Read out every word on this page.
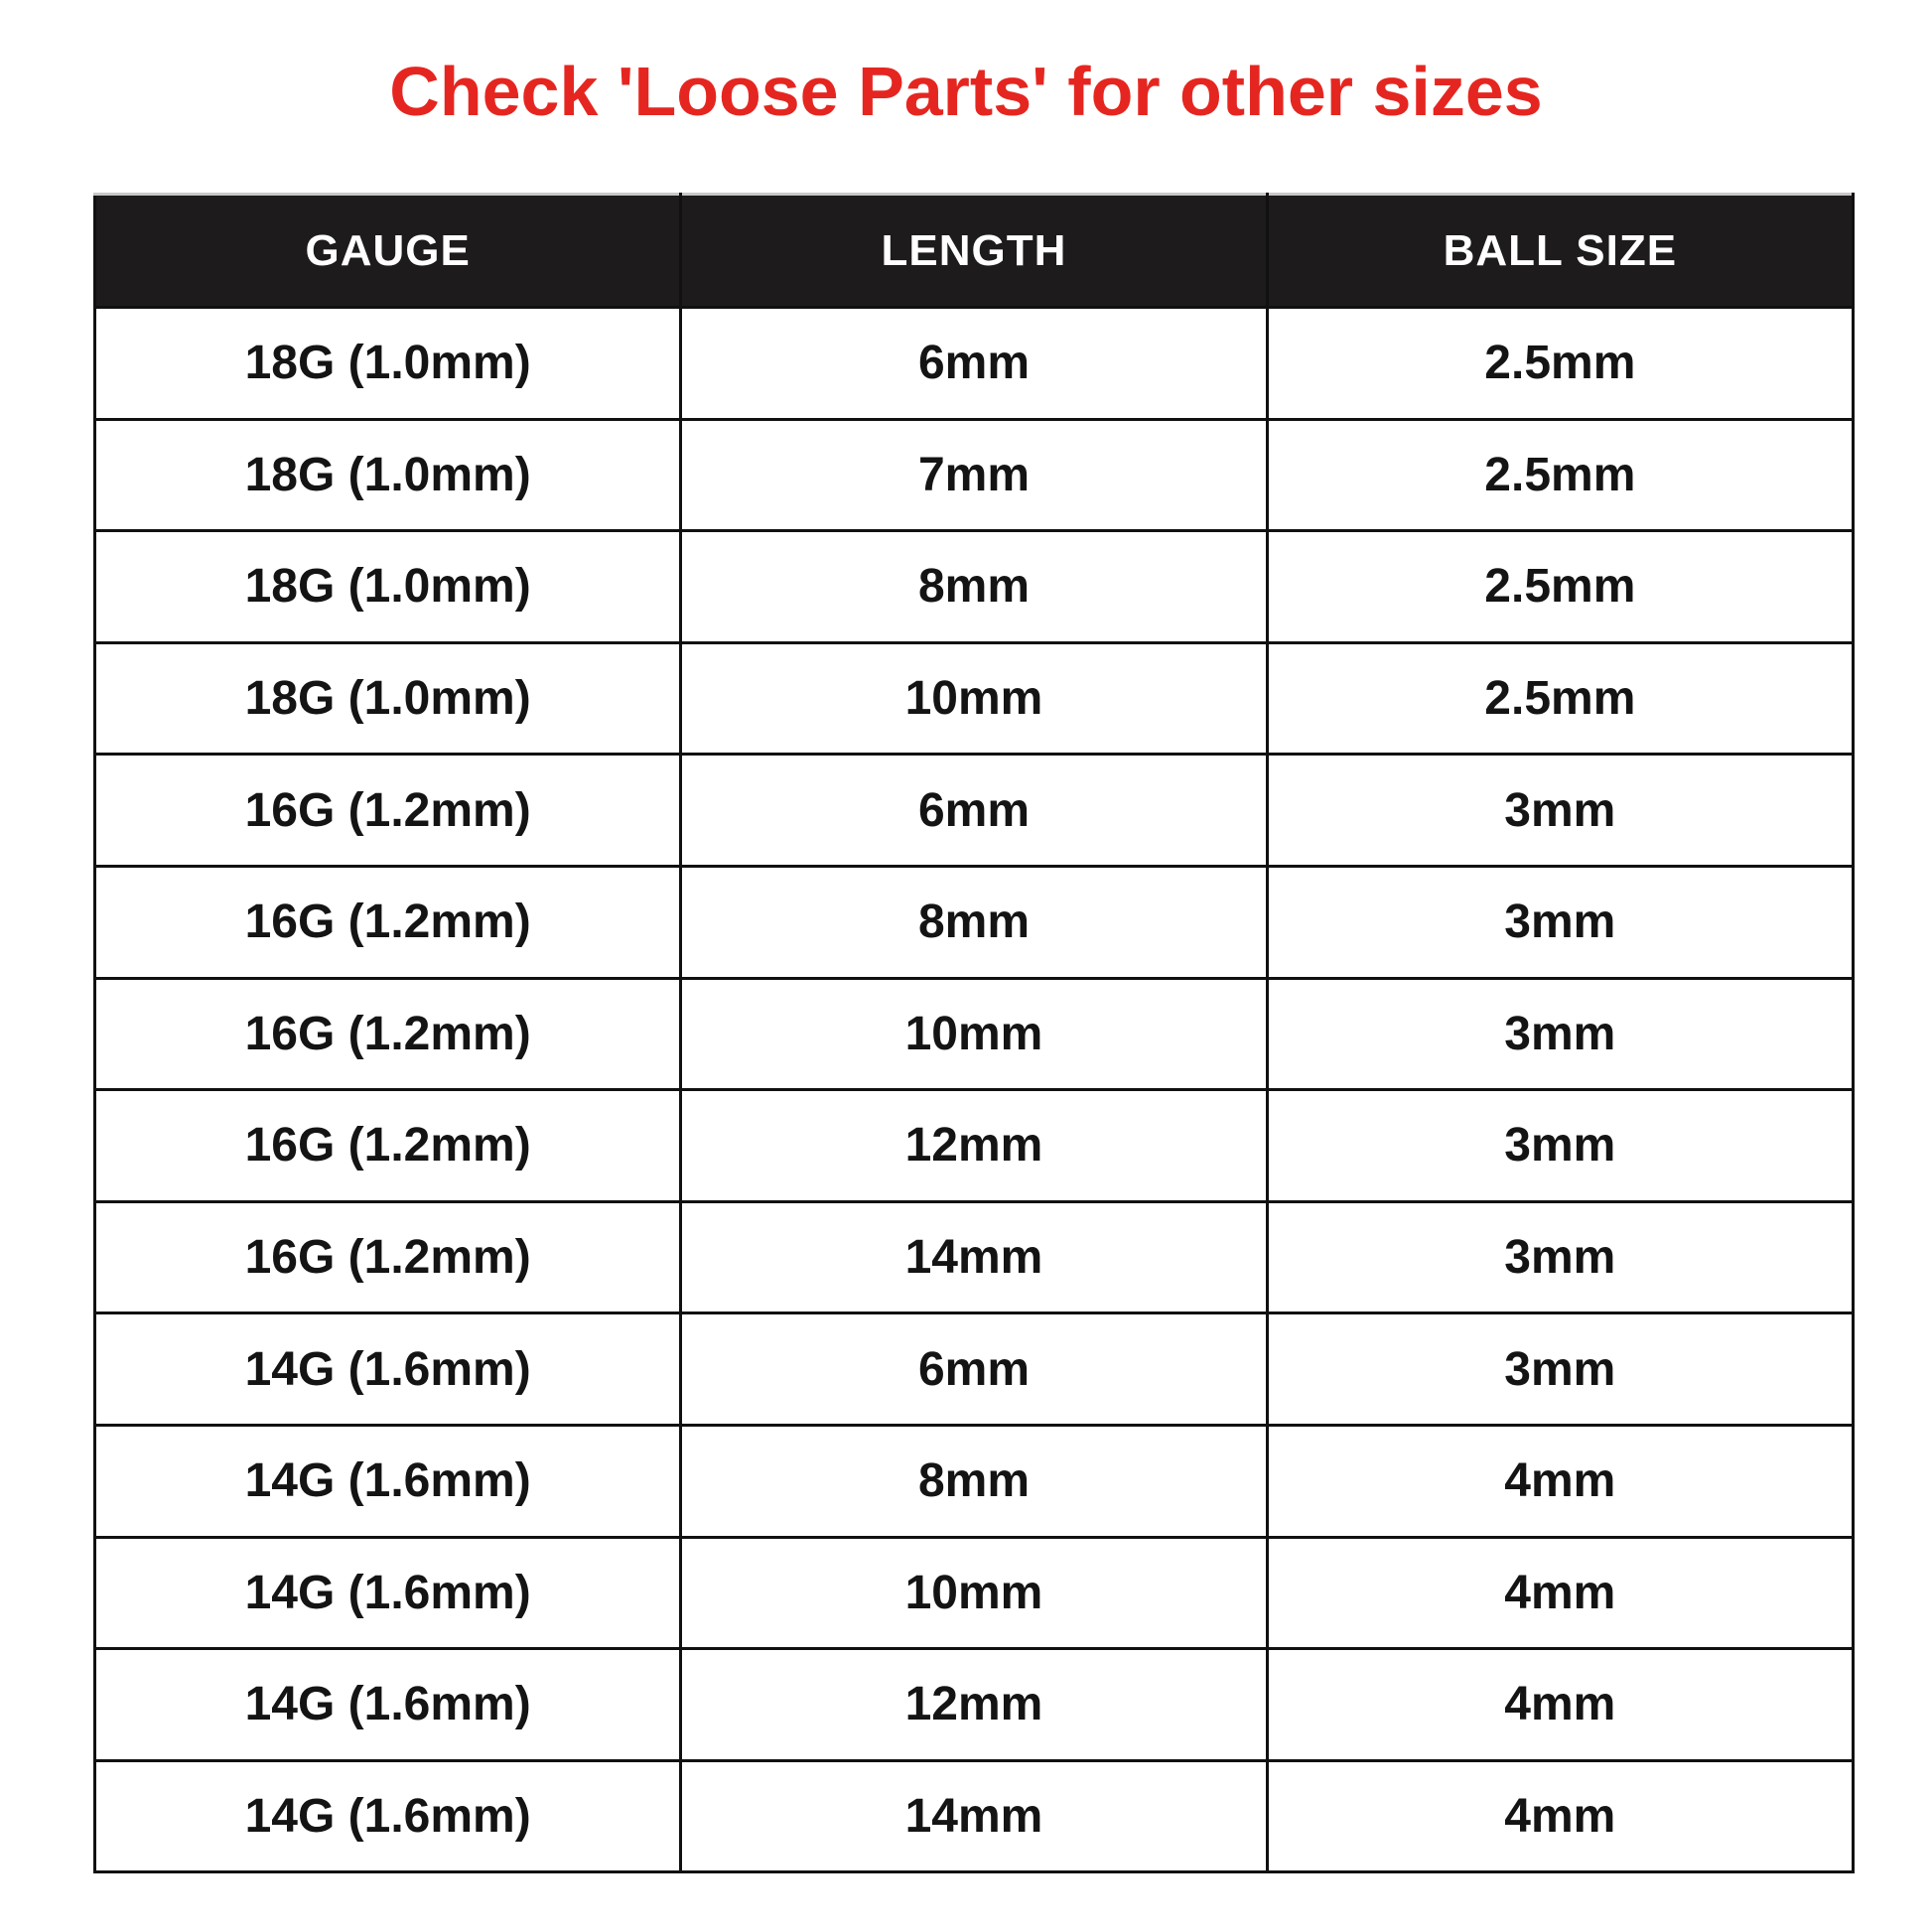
Check 'Loose Parts' for other sizes
GAUGE	LENGTH	BALL SIZE
18G (1.0mm)	6mm	2.5mm
18G (1.0mm)	7mm	2.5mm
18G (1.0mm)	8mm	2.5mm
18G (1.0mm)	10mm	2.5mm
16G (1.2mm)	6mm	3mm
16G (1.2mm)	8mm	3mm
16G (1.2mm)	10mm	3mm
16G (1.2mm)	12mm	3mm
16G (1.2mm)	14mm	3mm
14G (1.6mm)	6mm	3mm
14G (1.6mm)	8mm	4mm
14G (1.6mm)	10mm	4mm
14G (1.6mm)	12mm	4mm
14G (1.6mm)	14mm	4mm
